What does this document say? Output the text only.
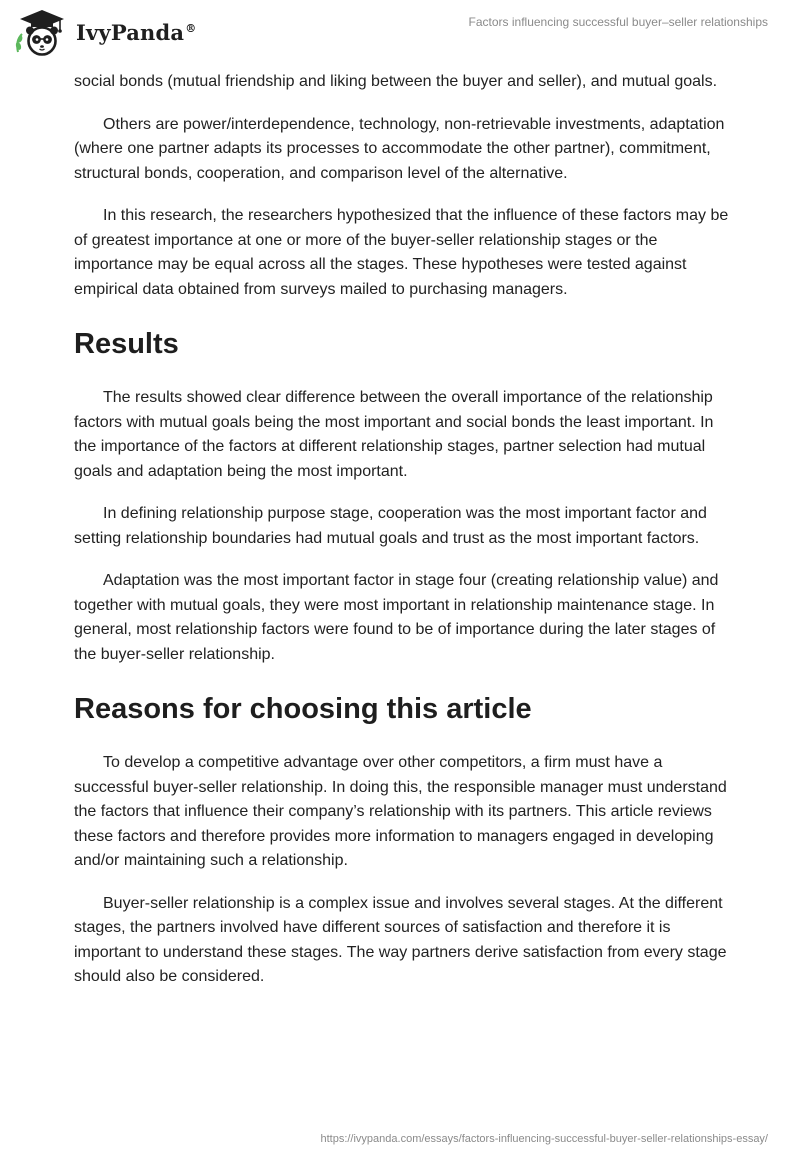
IvyPanda®	Factors influencing successful buyer–seller relationships

social bonds (mutual friendship and liking between the buyer and seller), and mutual goals.

Others are power/interdependence, technology, non-retrievable investments, adaptation (where one partner adapts its processes to accommodate the other partner), commitment, structural bonds, cooperation, and comparison level of the alternative.

In this research, the researchers hypothesized that the influence of these factors may be of greatest importance at one or more of the buyer-seller relationship stages or the importance may be equal across all the stages. These hypotheses were tested against empirical data obtained from surveys mailed to purchasing managers.

Results

The results showed clear difference between the overall importance of the relationship factors with mutual goals being the most important and social bonds the least important. In the importance of the factors at different relationship stages, partner selection had mutual goals and adaptation being the most important.

In defining relationship purpose stage, cooperation was the most important factor and setting relationship boundaries had mutual goals and trust as the most important factors.

Adaptation was the most important factor in stage four (creating relationship value) and together with mutual goals, they were most important in relationship maintenance stage. In general, most relationship factors were found to be of importance during the later stages of the buyer-seller relationship.

Reasons for choosing this article

To develop a competitive advantage over other competitors, a firm must have a successful buyer-seller relationship. In doing this, the responsible manager must understand the factors that influence their company’s relationship with its partners. This article reviews these factors and therefore provides more information to managers engaged in developing and/or maintaining such a relationship.

Buyer-seller relationship is a complex issue and involves several stages. At the different stages, the partners involved have different sources of satisfaction and therefore it is important to understand these stages. The way partners derive satisfaction from every stage should also be considered.

https://ivypanda.com/essays/factors-influencing-successful-buyer-seller-relationships-essay/
